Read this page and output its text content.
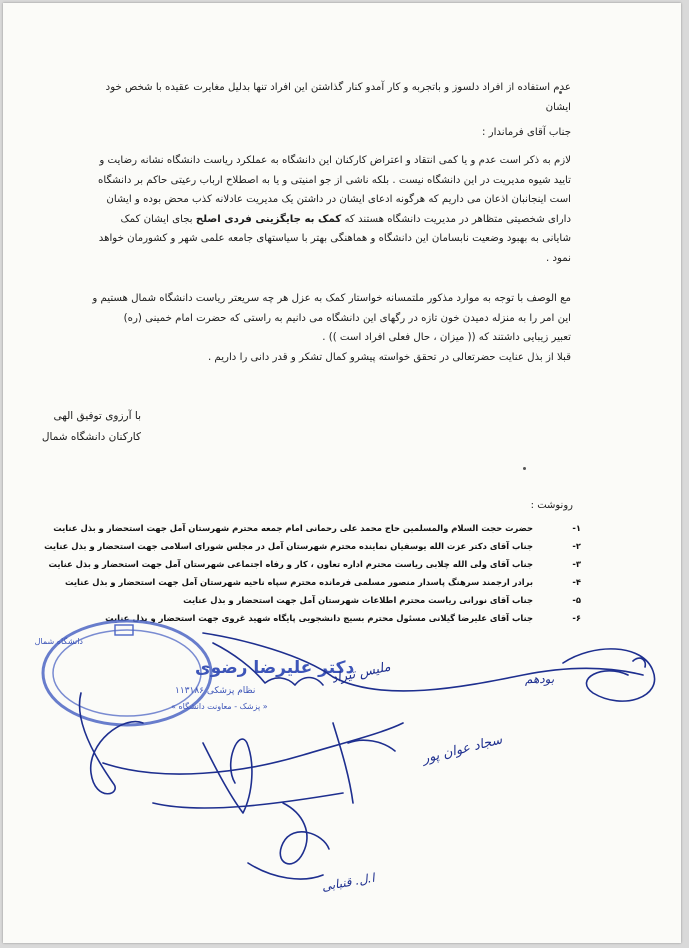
عدم استفاده از افراد دلسوز و باتجربه و کار آمدو کنار گذاشتن این افراد تنها بدلیل مغایرت عقیده با شخص خود
ایشان
جناب آقای فرماندار :
لازم به ذکر است عدم و یا کمی انتقاد و اعتراض کارکنان این دانشگاه به عملکرد ریاست دانشگاه نشانه رضایت و
تایید شیوه مدیریت در این دانشگاه نیست . بلکه ناشی از جو امنیتی و یا به اصطلاح ارباب رعیتی حاکم بر دانشگاه
است اینجانبان اذعان می داریم که هرگونه ادعای ایشان در داشتن یک مدیریت عادلانه کذب محض بوده و ایشان
دارای شخصیتی متظاهر در مدیریت دانشگاه هستند که کمک به جایگزینی فردی اصلح بجای ایشان کمک
شایانی به بهبود وضعیت نابسامان این دانشگاه و هماهنگی بهتر با سیاستهای جامعه علمی شهر و کشورمان خواهد
نمود .
مع الوصف با توجه به موارد مذکور ملتمسانه خواستار کمک به عزل هر چه سریعتر ریاست دانشگاه شمال هستیم و
این امر را به منزله دمیدن خون تازه در رگهای این دانشگاه می دانیم به راستی که حضرت امام خمینی (ره)
تعبیر زیبایی داشتند که (( میزان ، حال فعلی افراد است )) .
قبلا از بذل عنایت حضرتعالی در تحقق خواسته پیشرو کمال تشکر و قدر دانی را داریم .
با آرزوی توفیق الهی
کارکنان دانشگاه شمال
رونوشت :
۱-
حضرت حجت السلام والمسلمین حاج محمد علی رحمانی امام جمعه محترم شهرستان آمل جهت استحضار و بذل عنایت
۲-
جناب آقای دکتر عزت الله یوسفیان نماینده محترم شهرستان آمل در مجلس شورای اسلامی جهت استحضار و بذل عنایت
۳-
جناب آقای ولی الله چلابی ریاست محترم اداره تعاون ، کار و رفاه اجتماعی شهرستان آمل جهت استحضار و بذل عنایت
۴-
برادر ارجمند سرهنگ پاسدار منصور مسلمی فرمانده محترم سپاه ناحیه شهرستان آمل جهت استحضار و بذل عنایت
۵-
جناب آقای نورانی ریاست محترم اطلاعات شهرستان آمل جهت استحضار و بذل عنایت
۶-
جناب آقای علیرضا گیلانی مسئول محترم بسیج دانشجویی پایگاه شهید غروی جهت استحضار و بذل عنایت
دانشگاه شمال
دکتر علیرضا رضوی
نظام پزشکی ۱۱۳۱۸۶
« پزشک - معاونت دانشگاه »
ملیس تیراد
سجاد عوان پور
بودهم
ا.ل. قنبابی
